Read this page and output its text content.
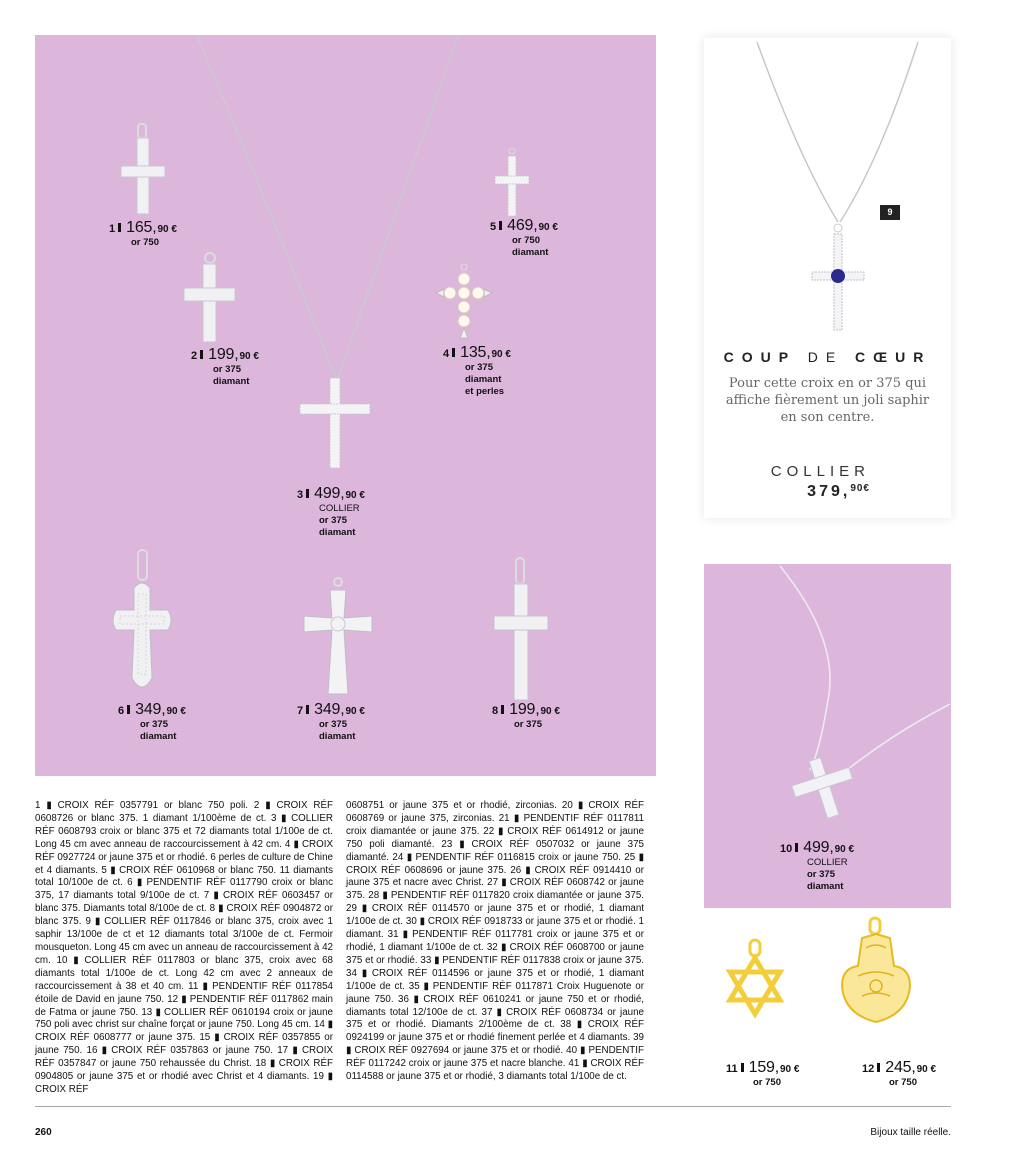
1 165, 90 €
or 750
2 199, 90 €
or 375
diamant
3 499, 90 €
COLLIER
or 375
diamant
4 135, 90 €
or 375
diamant
et perles
5 469, 90 €
or 750
diamant
6 349, 90 €
or 375
diamant
7 349, 90 €
or 375
diamant
8 199, 90 €
or 375
10 499, 90 €
COLLIER
or 375
diamant
11 159, 90 €
or 750
12 245, 90 €
or 750
9
COUP DE CŒUR
Pour cette croix en or 375 qui affiche fièrement un joli saphir en son centre.
COLLIER
379,$^{90€}$

1 ▮ CROIX RÉF 0357791 or blanc 750 poli. 2 ▮ CROIX RÉF 0608726 or blanc 375. 1 diamant 1/100ème de ct. 3 ▮ COLLIER RÉF 0608793 croix or blanc 375 et 72 diamants total 1/100e de ct. Long 45 cm avec anneau de raccourcissement à 42 cm. 4 ▮ CROIX RÉF 0927724 or jaune 375 et or rhodié. 6 perles de culture de Chine et 4 diamants. 5 ▮ CROIX RÉF 0610968 or blanc 750. 11 diamants total 10/100e de ct. 6 ▮ PENDENTIF RÉF 0117790 croix or blanc 375, 17 diamants total 9/100e de ct. 7 ▮ CROIX RÉF 0603457 or blanc 375. Diamants total 8/100e de ct. 8 ▮ CROIX RÉF 0904872 or blanc 375. 9 ▮ COLLIER RÉF 0117846 or blanc 375, croix avec 1 saphir 13/100e de ct et 12 diamants total 3/100e de ct. Fermoir mousqueton. Long 45 cm avec un anneau de raccourcissement à 42 cm. 10 ▮ COLLIER RÉF 0117803 or blanc 375, croix avec 68 diamants total 1/100e de ct. Long 42 cm avec 2 anneaux de raccourcissement à 38 et 40 cm. 11 ▮ PENDENTIF RÉF 0117854 étoile de David en jaune 750. 12 ▮ PENDENTIF RÉF 0117862 main de Fatma or jaune 750. 13 ▮ COLLIER RÉF 0610194 croix or jaune 750 poli avec christ sur chaîne forçat or jaune 750. Long 45 cm. 14 ▮ CROIX RÉF 0608777 or jaune 375. 15 ▮ CROIX RÉF 0357855 or jaune 750. 16 ▮ CROIX RÉF 0357863 or jaune 750. 17 ▮ CROIX RÉF 0357847 or jaune 750 rehaussée du Christ. 18 ▮ CROIX RÉF 0904805 or jaune 375 et or rhodié avec Christ et 4 diamants. 19 ▮ CROIX RÉF

0608751 or jaune 375 et or rhodié, zirconias. 20 ▮ CROIX RÉF 0608769 or jaune 375, zirconias. 21 ▮ PENDENTIF RÉF 0117811 croix diamantée or jaune 375. 22 ▮ CROIX RÉF 0614912 or jaune 750 poli diamanté. 23 ▮ CROIX RÉF 0507032 or jaune 375 diamanté. 24 ▮ PENDENTIF RÉF 0116815 croix or jaune 750. 25 ▮ CROIX RÉF 0608696 or jaune 375. 26 ▮ CROIX RÉF 0914410 or jaune 375 et nacre avec Christ. 27 ▮ CROIX RÉF 0608742 or jaune 375. 28 ▮ PENDENTIF RÉF 0117820 croix diamantée or jaune 375. 29 ▮ CROIX RÉF 0114570 or jaune 375 et or rhodié, 1 diamant 1/100e de ct. 30 ▮ CROIX RÉF 0918733 or jaune 375 et or rhodié. 1 diamant. 31 ▮ PENDENTIF RÉF 0117781 croix or jaune 375 et or rhodié, 1 diamant 1/100e de ct. 32 ▮ CROIX RÉF 0608700 or jaune 375 et or rhodié. 33 ▮ PENDENTIF RÉF 0117838 croix or jaune 375. 34 ▮ CROIX RÉF 0114596 or jaune 375 et or rhodié, 1 diamant 1/100e de ct. 35 ▮ PENDENTIF RÉF 0117871 Croix Huguenote or jaune 750. 36 ▮ CROIX RÉF 0610241 or jaune 750 et or rhodié, diamants total 12/100e de ct. 37 ▮ CROIX RÉF 0608734 or jaune 375 et or rhodié. Diamants 2/100ème de ct. 38 ▮ CROIX RÉF 0924199 or jaune 375 et or rhodié finement perlée et 4 diamants. 39 ▮ CROIX RÉF 0927694 or jaune 375 et or rhodié. 40 ▮ PENDENTIF RÉF 0117242 croix or jaune 375 et nacre blanche. 41 ▮ CROIX RÉF 0114588 or jaune 375 et or rhodié, 3 diamants total 1/100e de ct.

260	Bijoux taille réelle.
